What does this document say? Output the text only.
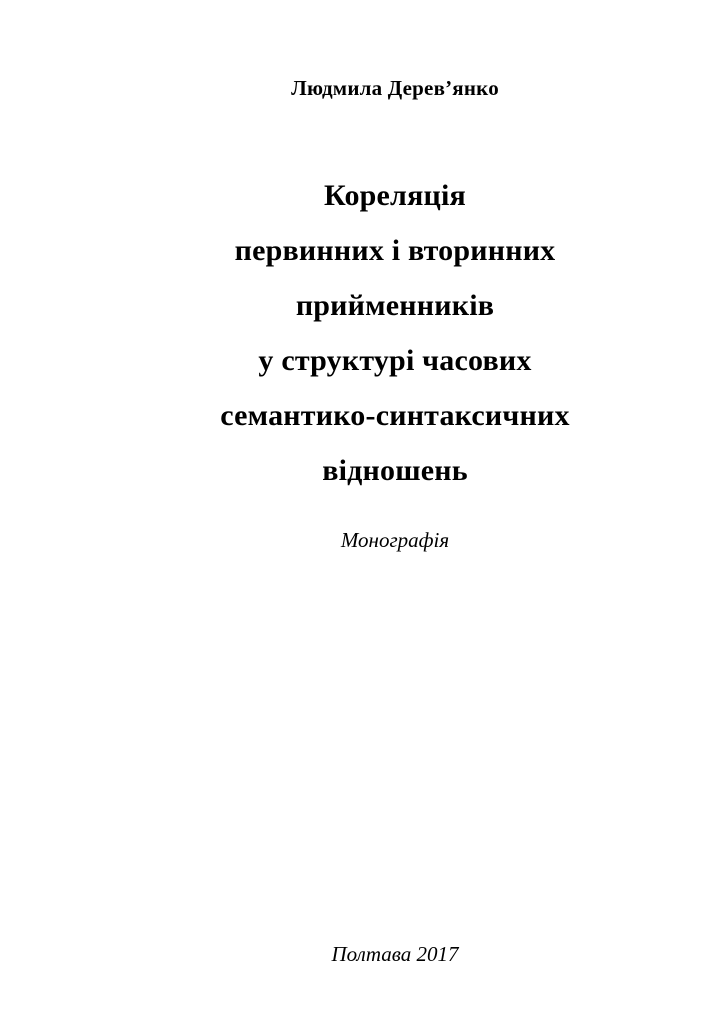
Людмила Дерев’янко
Кореляція
первинних і вторинних
прийменників
у структурі часових
семантико-синтаксичних
відношень
Монографія
Полтава 2017
